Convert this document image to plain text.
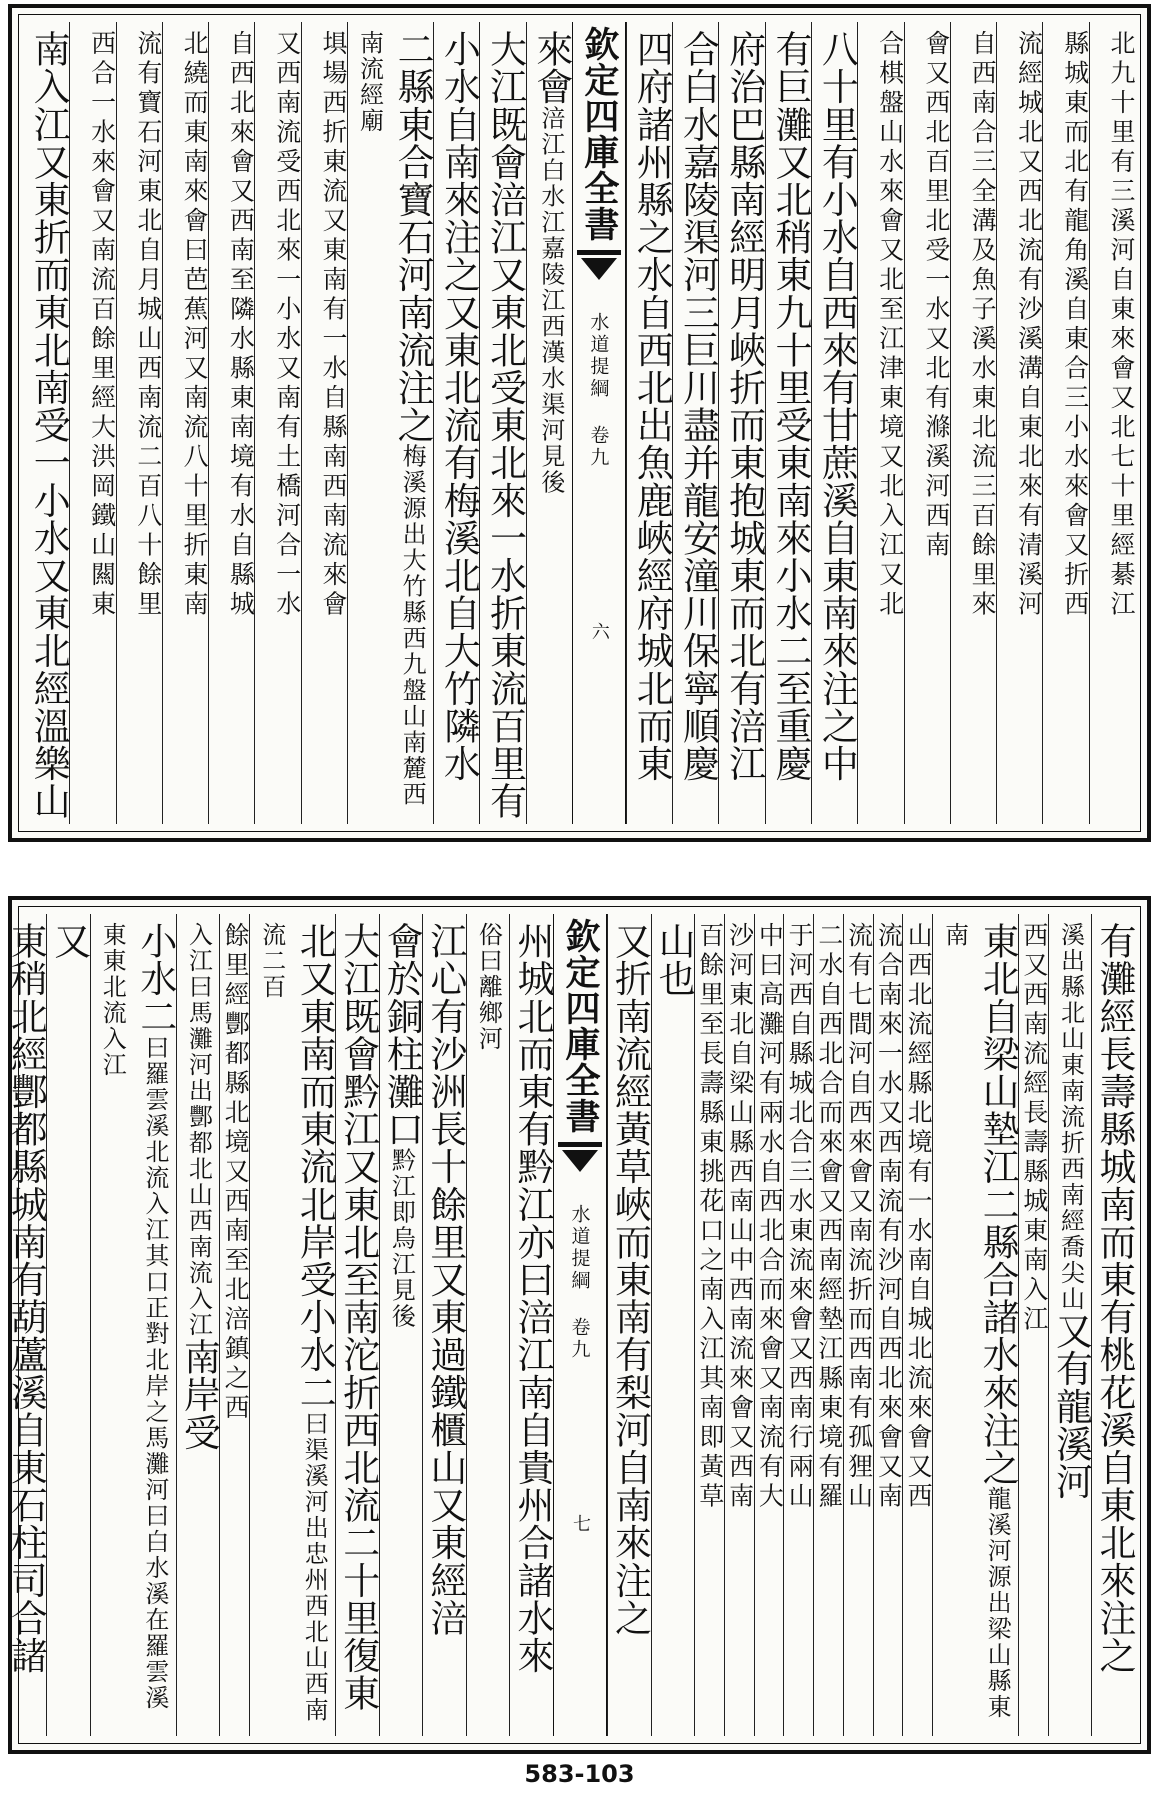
北九十里有三溪河自東來會又北七十里經綦江
縣城東而北有龍角溪自東合三小水來會又折西
流經城北又西北流有沙溪溝自東北來有清溪河
自西南合三全溝及魚子溪水東北流三百餘里來
會又西北百里北受一水又北有滌溪河西南
合棋盤山水來會又北至江津東境又北入江又北
八十里有小水自西來有甘蔗溪自東南來注之中
有巨灘又北稍東九十里受東南來小水二至重慶
府治巴縣南經明月峽折而東抱城東而北有涪江
合白水嘉陵渠河三巨川盡并龍安潼川保寧順慶
四府諸州縣之水自西北出魚鹿峽經府城北而東
欽定四庫全書
水道提綱 卷九
六
來會涪江白水江嘉陵江西漢水渠河見後
大江既會涪江又東北受東北來一水折東流百里有
小水自南來注之又東北流有梅溪北自大竹隣水
二縣東合寶石河南流注之梅溪源出大竹縣西九盤山南麓西南流經廟
埧場西折東流又東南有一水自縣南西南流來會
又西南流受西北來一小水又南有土橋河合一水
自西北來會又西南至隣水縣東南境有水自縣城
北繞而東南來會曰芭蕉河又南流八十里折東南
流有寶石河東北自月城山西南流二百八十餘里
西合一水來會又南流百餘里經大洪岡鐵山闗東
南入江又東折而東北南受一小水又東北經溫樂山
有灘經長壽縣城南而東有桃花溪自東北來注之
溪出縣北山東南流折西南經喬尖山又有龍溪河
西又西南流經長壽縣城東南入江
東北自梁山墊江二縣合諸水來注之龍溪河源出梁山縣東南
山西北流經縣北境有一水南自城北流來會又西
流合南來一水又西南流有沙河自西北來會又南
流有七間河自西來會又南流折而西南有孤狸山
二水自西北合而來會又西南經墊江縣東境有羅
于河西自縣城北合三水東流來會又西南行兩山
中曰高灘河有兩水自西北合而來會又南流有大
沙河東北自梁山縣西南山中西南流來會又西南
百餘里至長壽縣東挑花口之南入江其南即黃草
山也
又折南流經黃草峽而東南有梨河自南來注之
欽定四庫全書
水道提綱 卷九
七
州城北而東有黔江亦曰涪江南自貴州合諸水來
俗曰離鄉河
江心有沙洲長十餘里又東過鐵櫃山又東經涪
會於銅柱灘口黔江即烏江見後
大江既會黔江又東北至南沱折西北流二十里復東
北又東南而東流北岸受小水二曰渠溪河出忠州西北山西南流二百
餘里經酆都縣北境又西南至北涪鎮之西
入江曰馬灘河出酆都北山西南流入江南岸受
小水二曰羅雲溪北流入江其口正對北岸之馬灘河曰白水溪在羅雲溪東東北流入江
又
東稍北經酆都縣城南有葫蘆溪自東石柱司合諸
583-103
